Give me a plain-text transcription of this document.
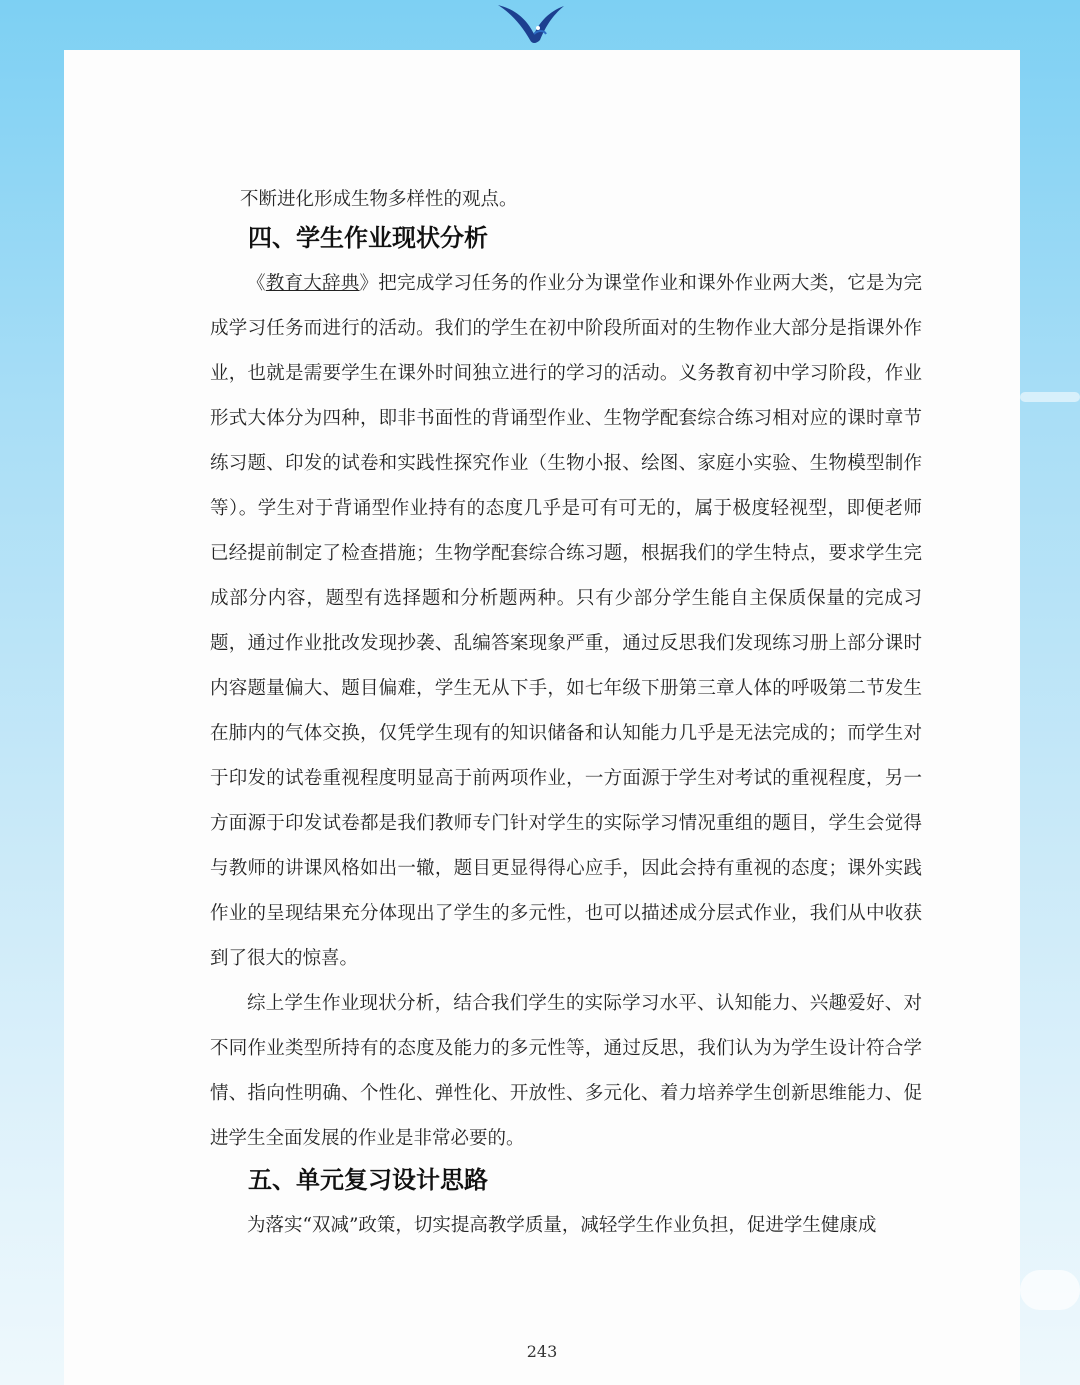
不断进化形成生物多样性的观点。

四、学生作业现状分析

《教育大辞典》把完成学习任务的作业分为课堂作业和课外作业两大类，它是为完成学习任务而进行的活动。我们的学生在初中阶段所面对的生物作业大部分是指课外作业，也就是需要学生在课外时间独立进行的学习的活动。义务教育初中学习阶段，作业形式大体分为四种，即非书面性的背诵型作业、生物学配套综合练习相对应的课时章节练习题、印发的试卷和实践性探究作业（生物小报、绘图、家庭小实验、生物模型制作等）。学生对于背诵型作业持有的态度几乎是可有可无的，属于极度轻视型，即便老师已经提前制定了检查措施；生物学配套综合练习题，根据我们的学生特点，要求学生完成部分内容，题型有选择题和分析题两种。只有少部分学生能自主保质保量的完成习题，通过作业批改发现抄袭、乱编答案现象严重，通过反思我们发现练习册上部分课时内容题量偏大、题目偏难，学生无从下手，如七年级下册第三章人体的呼吸第二节发生在肺内的气体交换，仅凭学生现有的知识储备和认知能力几乎是无法完成的；而学生对于印发的试卷重视程度明显高于前两项作业，一方面源于学生对考试的重视程度，另一方面源于印发试卷都是我们教师专门针对学生的实际学习情况重组的题目，学生会觉得与教师的讲课风格如出一辙，题目更显得得心应手，因此会持有重视的态度；课外实践作业的呈现结果充分体现出了学生的多元性，也可以描述成分层式作业，我们从中收获到了很大的惊喜。

综上学生作业现状分析，结合我们学生的实际学习水平、认知能力、兴趣爱好、对不同作业类型所持有的态度及能力的多元性等，通过反思，我们认为为学生设计符合学情、指向性明确、个性化、弹性化、开放性、多元化、着力培养学生创新思维能力、促进学生全面发展的作业是非常必要的。

五、单元复习设计思路

为落实“双减”政策，切实提高教学质量，减轻学生作业负担，促进学生健康成

243
